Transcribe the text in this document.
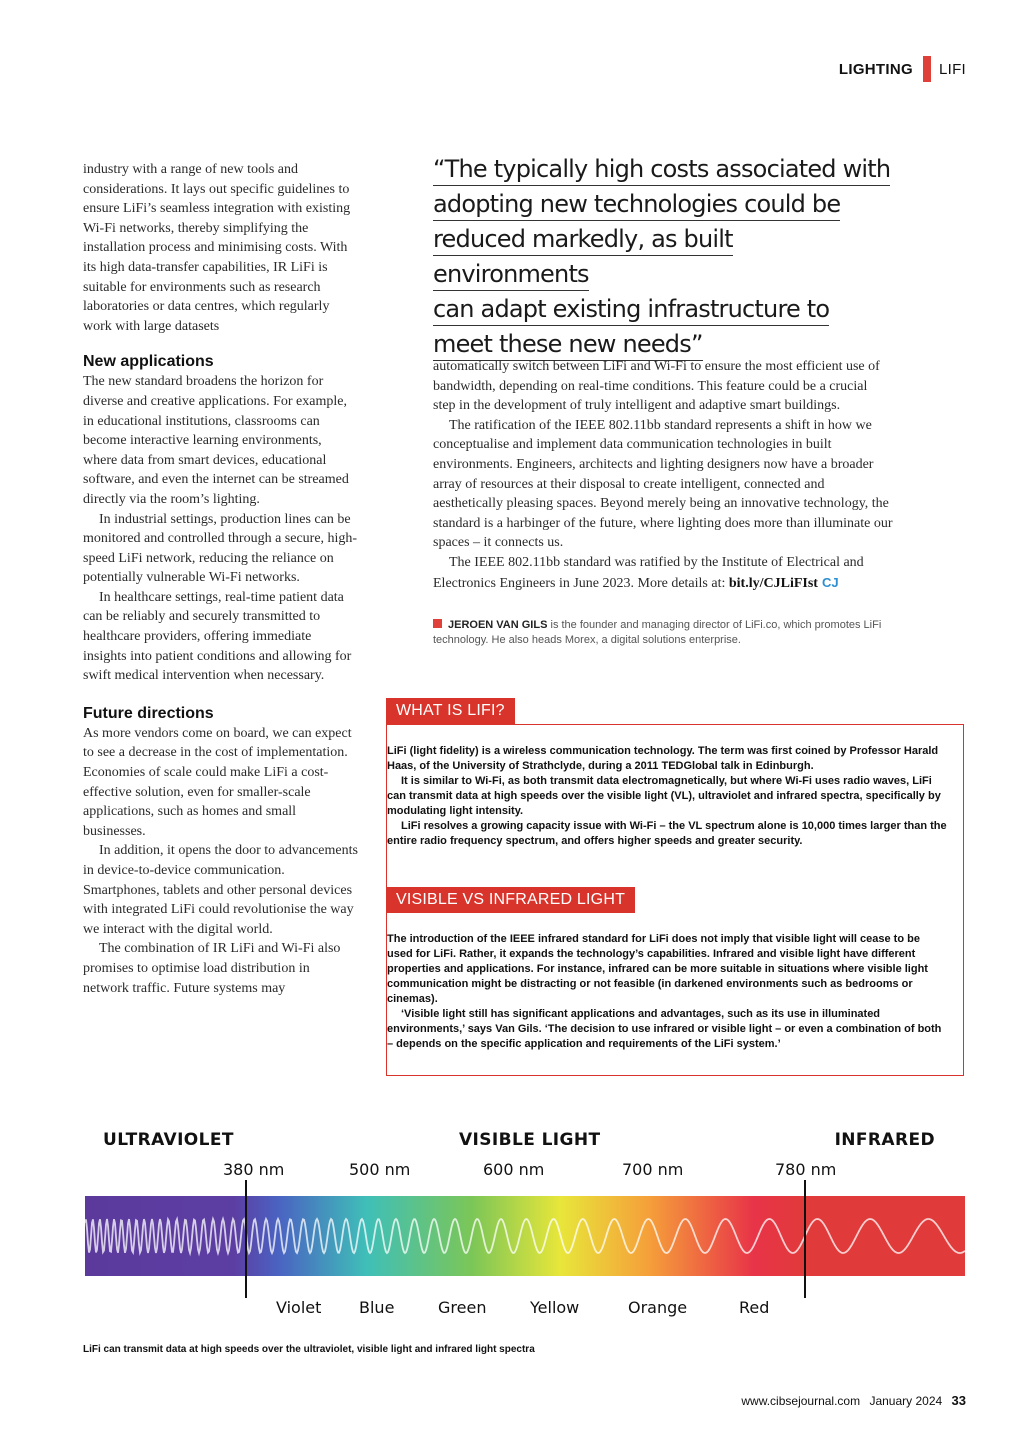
LIGHTING LIFI

industry with a range of new tools and considerations. It lays out specific guidelines to ensure LiFi’s seamless integration with existing Wi-Fi networks, thereby simplifying the installation process and minimising costs. With its high data-transfer capabilities, IR LiFi is suitable for environments such as research laboratories or data centres, which regularly work with large datasets

New applications

The new standard broadens the horizon for diverse and creative applications. For example, in educational institutions, classrooms can become interactive learning environments, where data from smart devices, educational software, and even the internet can be streamed directly via the room’s lighting.

In industrial settings, production lines can be monitored and controlled through a secure, high-speed LiFi network, reducing the reliance on potentially vulnerable Wi-Fi networks.

In healthcare settings, real-time patient data can be reliably and securely transmitted to healthcare providers, offering immediate insights into patient conditions and allowing for swift medical intervention when necessary.

Future directions

As more vendors come on board, we can expect to see a decrease in the cost of implementation. Economies of scale could make LiFi a cost-effective solution, even for smaller-scale applications, such as homes and small businesses.

In addition, it opens the door to advancements in device-to-device communication. Smartphones, tablets and other personal devices with integrated LiFi could revolutionise the way we interact with the digital world.

The combination of IR LiFi and Wi-Fi also promises to optimise load distribution in network traffic. Future systems may

“The typically high costs associated with
adopting new technologies could be
reduced markedly, as built environments
can adapt existing infrastructure to
meet these new needs”

automatically switch between LiFi and Wi-Fi to ensure the most efficient use of bandwidth, depending on real-time conditions. This feature could be a crucial step in the development of truly intelligent and adaptive smart buildings.

The ratification of the IEEE 802.11bb standard represents a shift in how we conceptualise and implement data communication technologies in built environments. Engineers, architects and lighting designers now have a broader array of resources at their disposal to create intelligent, connected and aesthetically pleasing spaces. Beyond merely being an innovative technology, the standard is a harbinger of the future, where lighting does more than illuminate our spaces – it connects us.

The IEEE 802.11bb standard was ratified by the Institute of Electrical and Electronics Engineers in June 2023. More details at: bit.ly/CJLiFIst CJ

JEROEN VAN GILS is the founder and managing director of LiFi.co, which promotes LiFi technology. He also heads Morex, a digital solutions enterprise.
WHAT IS LIFI?

LiFi (light fidelity) is a wireless communication technology. The term was first coined by Professor Harald Haas, of the University of Strathclyde, during a 2011 TEDGlobal talk in Edinburgh.

It is similar to Wi-Fi, as both transmit data electromagnetically, but where Wi-Fi uses radio waves, LiFi can transmit data at high speeds over the visible light (VL), ultraviolet and infrared spectra, specifically by modulating light intensity.

LiFi resolves a growing capacity issue with Wi-Fi – the VL spectrum alone is 10,000 times larger than the entire radio frequency spectrum, and offers higher speeds and greater security.

VISIBLE VS INFRARED LIGHT

The introduction of the IEEE infrared standard for LiFi does not imply that visible light will cease to be used for LiFi. Rather, it expands the technology’s capabilities. Infrared and visible light have different properties and applications. For instance, infrared can be more suitable in situations where visible light communication might be distracting or not feasible (in darkened environments such as bedrooms or cinemas).

‘Visible light still has significant applications and advantages, such as its use in illuminated environments,’ says Van Gils. ‘The decision to use infrared or visible light – or even a combination of both – depends on the specific application and requirements of the LiFi system.’

ULTRAVIOLET	VISIBLE LIGHT	INFRARED
380 nm	500 nm	600 nm	700 nm	780 nm
Violet Blue	Green	Yellow	Orange	Red
LiFi can transmit data at high speeds over the ultraviolet, visible light and infrared light spectra
www.cibsejournal.com January 2024 33
